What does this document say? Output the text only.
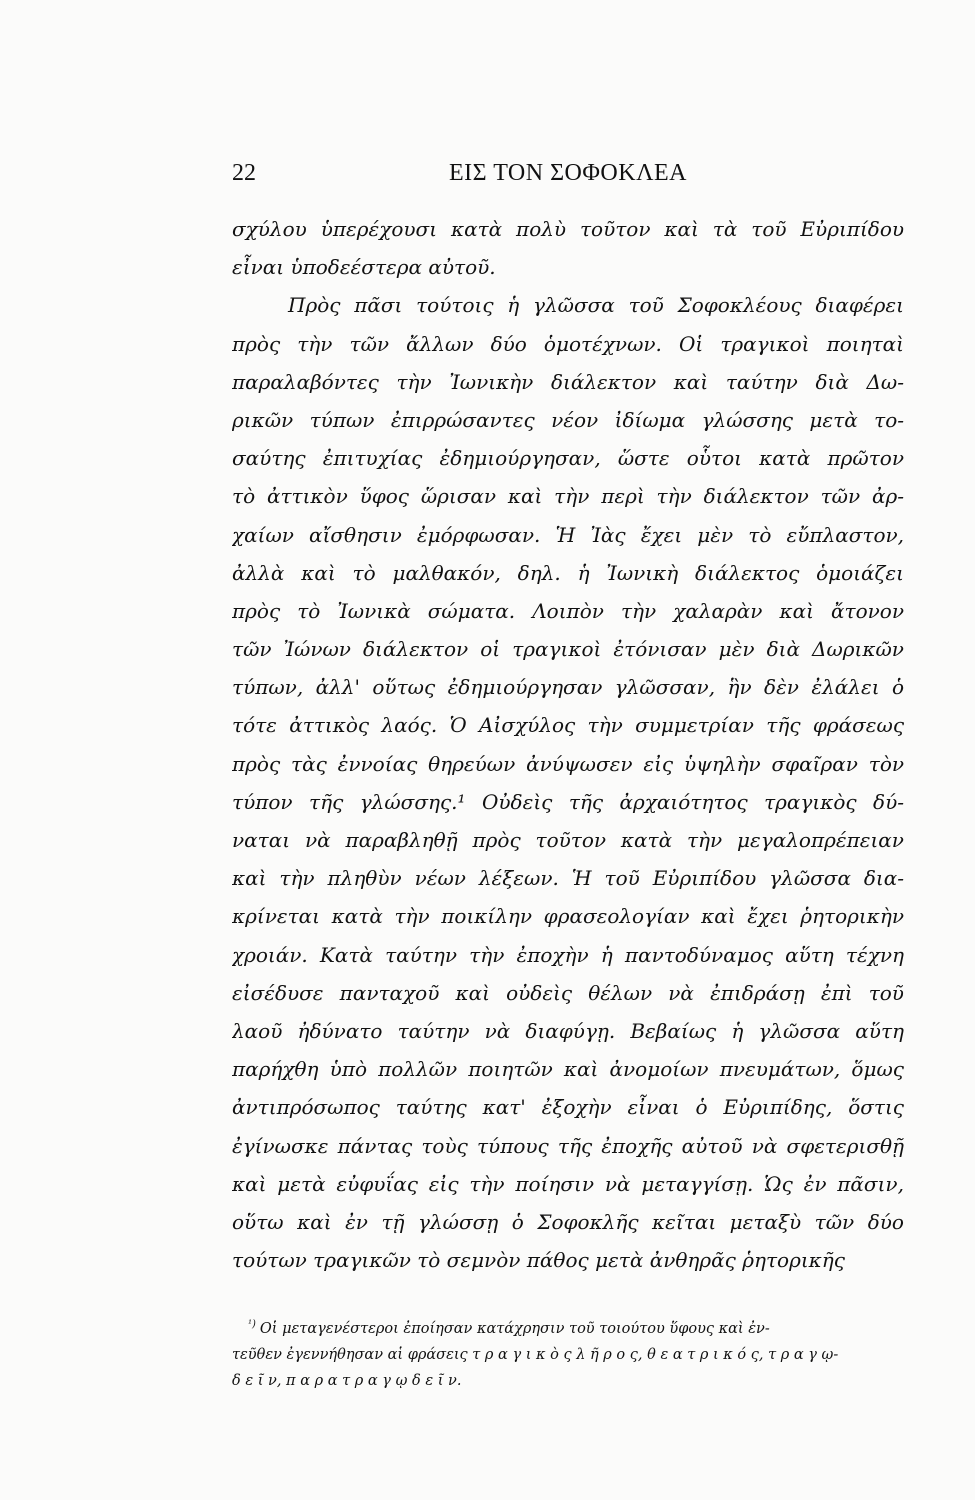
22	ΕΙΣ ΤΟΝ ΣΟΦΟΚΛΕΑ
σχύλου ὑπερέχουσι κατὰ πολὺ τοῦτον καὶ τὰ τοῦ Εὐριπίδου
εἶναι ὑποδεέστερα αὐτοῦ.
Πρὸς πᾶσι τούτοις ἡ γλῶσσα τοῦ Σοφοκλέους διαφέρει
πρὸς τὴν τῶν ἄλλων δύο ὁμοτέχνων. Οἱ τραγικοὶ ποιηταὶ
παραλαβόντες τὴν Ἰωνικὴν διάλεκτον καὶ ταύτην διὰ Δω-
ρικῶν τύπων ἐπιρρώσαντες νέον ἰδίωμα γλώσσης μετὰ το-
σαύτης ἐπιτυχίας ἐδημιούργησαν, ὥστε οὗτοι κατὰ πρῶτον
τὸ ἀττικὸν ὕφος ὥρισαν καὶ τὴν περὶ τὴν διάλεκτον τῶν ἀρ-
χαίων αἴσθησιν ἐμόρφωσαν. Ἡ Ἰὰς ἔχει μὲν τὸ εὔπλαστον,
ἀλλὰ καὶ τὸ μαλθακόν, δηλ. ἡ Ἰωνικὴ διάλεκτος ὁμοιάζει
πρὸς τὸ Ἰωνικὰ σώματα. Λοιπὸν τὴν χαλαρὰν καὶ ἄτονον
τῶν Ἰώνων διάλεκτον οἱ τραγικοὶ ἐτόνισαν μὲν διὰ Δωρικῶν
τύπων, ἀλλ' οὕτως ἐδημιούργησαν γλῶσσαν, ἣν δὲν ἐλάλει ὁ
τότε ἀττικὸς λαός. Ὁ Αἰσχύλος τὴν συμμετρίαν τῆς φράσεως
πρὸς τὰς ἐννοίας θηρεύων ἀνύψωσεν εἰς ὑψηλὴν σφαῖραν τὸν
τύπον τῆς γλώσσης.¹ Οὐδεὶς τῆς ἀρχαιότητος τραγικὸς δύ-
ναται νὰ παραβληθῇ πρὸς τοῦτον κατὰ τὴν μεγαλοπρέπειαν
καὶ τὴν πληθὺν νέων λέξεων. Ἡ τοῦ Εὐριπίδου γλῶσσα δια-
κρίνεται κατὰ τὴν ποικίλην φρασεολογίαν καὶ ἔχει ῥητορικὴν
χροιάν. Κατὰ ταύτην τὴν ἐποχὴν ἡ παντοδύναμος αὕτη τέχνη
εἰσέδυσε πανταχοῦ καὶ οὐδεὶς θέλων νὰ ἐπιδράσῃ ἐπὶ τοῦ
λαοῦ ἠδύνατο ταύτην νὰ διαφύγῃ. Βεβαίως ἡ γλῶσσα αὕτη
παρήχθη ὑπὸ πολλῶν ποιητῶν καὶ ἀνομοίων πνευμάτων, ὅμως
ἀντιπρόσωπος ταύτης κατ' ἐξοχὴν εἶναι ὁ Εὐριπίδης, ὅστις
ἐγίνωσκε πάντας τοὺς τύπους τῆς ἐποχῆς αὐτοῦ νὰ σφετερισθῇ
καὶ μετὰ εὐφυΐας εἰς τὴν ποίησιν νὰ μεταγγίσῃ. Ὡς ἐν πᾶσιν,
οὕτω καὶ ἐν τῇ γλώσσῃ ὁ Σοφοκλῆς κεῖται μεταξὺ τῶν δύο
τούτων τραγικῶν τὸ σεμνὸν πάθος μετὰ ἀνθηρᾶς ῥητορικῆς
$^{^1)}$ Οἱ μεταγενέστεροι ἐποίησαν κατάχρησιν τοῦ τοιούτου ὕφους καὶ ἐν-
τεῦθεν ἐγεννήθησαν αἱ φράσεις τ ρ α γ ι κ ὸ ς λ ῆ ρ ο ς, θ ε α τ ρ ι κ ό ς, τ ρ α γ ῳ-
δ ε ῖ ν, π α ρ α τ ρ α γ ῳ δ ε ῖ ν.
